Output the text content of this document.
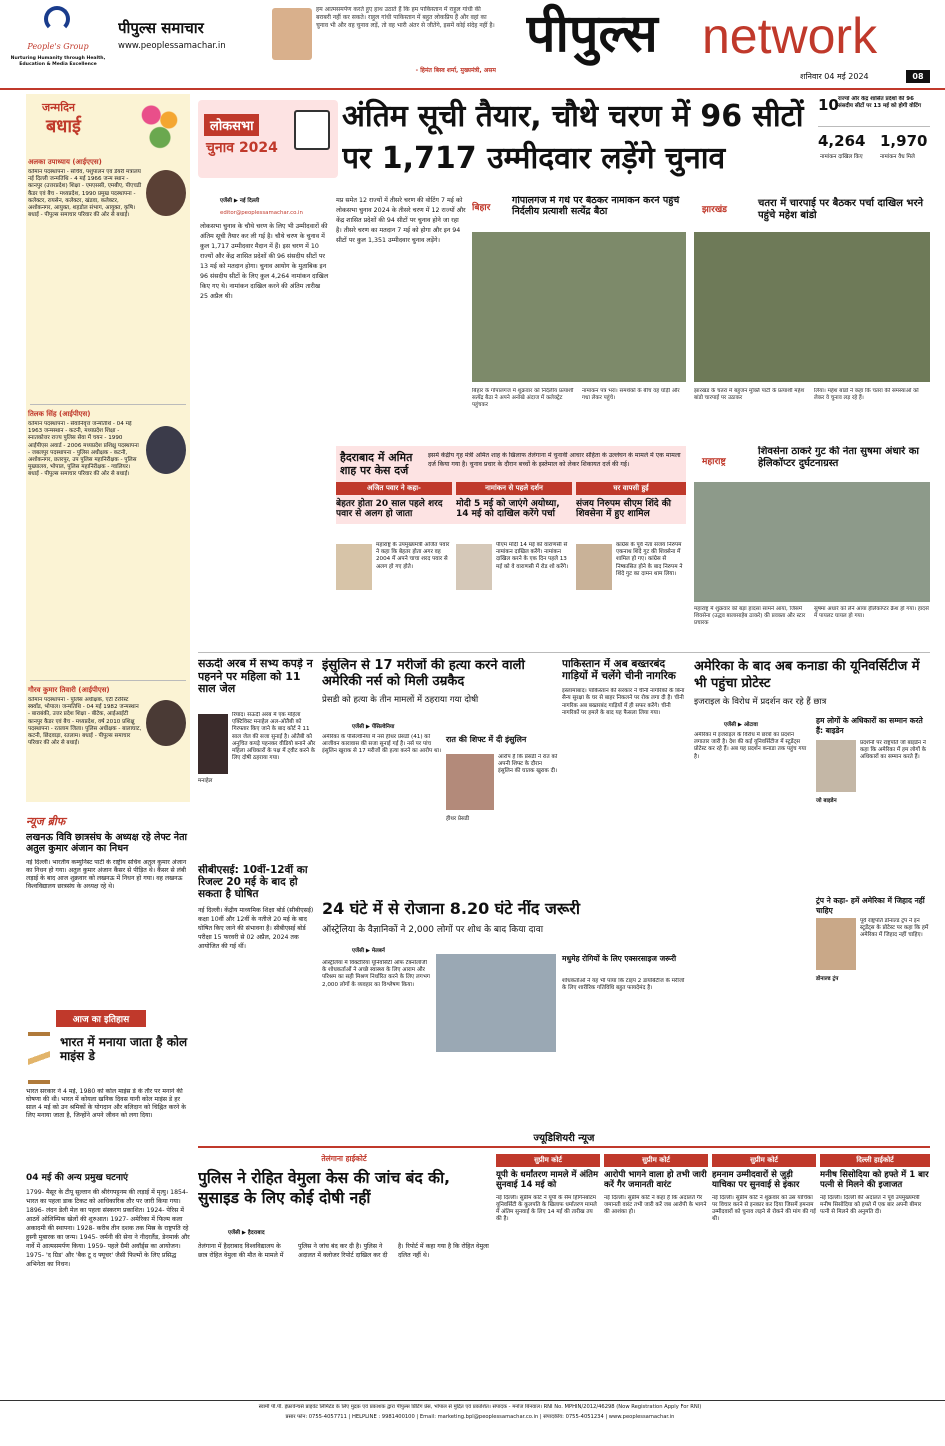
People's Group
Nurturing Humanity through Health, Education & Media Excellence
पीपुल्स समाचार
www.peoplessamachar.in
हम आत्मसमर्पण करते हुए हाथ उठाते हैं कि हम पाकिस्तान में राहुल गांधी की बराबरी नहीं कर सकते। राहुल गांधी पाकिस्तान में बहुत लोकप्रिय हैं और वहां का चुनाव भी और वह चुनाव लड़ें, तो वह भारी अंतर से जीतेंगे, इसमें कोई संदेह नहीं है।
- हिमंत बिस्व शर्मा, मुख्यमंत्री, असम
पीपुल्स network
शनिवार 04 मई 2024	08
जन्मदिन
बधाई
अलका उपाध्याय (आईएएस)
वर्तमान पदस्थापना - सचिव, पशुपालन एवं डेयरी मंत्रालय नई दिल्ली जन्मतिथि - 4 मई 1966 जन्म स्थान - कानपुर (उत्तरप्रदेश) शिक्षा - एमएससी, एमबीए, पीएचडी कैडर एवं बैच - मध्यप्रदेश, 1990 प्रमुख पदस्थापना - कलेक्टर, रायसेन, कलेक्टर, खंडवा, कलेक्टर, अशोकनगर, आयुक्त, शहडोल संभाग, आयुक्त, कृषि। बधाई - पीपुल्स समाचार परिवार की ओर से बधाई।
तिलक सिंह (आईपीएस)
वर्तमान पदस्थापना - सेवानिवृत्त जन्मतिथि - 04 मई 1963 जन्मस्थान - कटनी, मध्यप्रदेश शिक्षा - स्नातकोत्तर राज्य पुलिस सेवा में चयन - 1990 आईपीएस अवार्ड - 2006 मध्यप्रदेश प्रशिक्षु पदस्थापना - जबलपुर पदस्थापना - पुलिस अधीक्षक - कटनी, अशोकनगर, छतरपुर, उप पुलिस महानिरीक्षक - पुलिस मुख्यालय, भोपाल, पुलिस महानिरीक्षक - ग्वालियर। बधाई - पीपुल्स समाचार परिवार की ओर से बधाई।
गौरव कुमार तिवारी (आईपीएस)
वर्तमान पदस्थापना - पुलिस अधीक्षक, एंटी टेररिस्ट स्क्वॉड, भोपाल। जन्मतिथि - 04 मई 1982 जन्मस्थान - बाराबंकी, उत्तर प्रदेश शिक्षा - बीटेक, आईआईटी कानपुर कैडर एवं बैच - मध्यप्रदेश, वर्ष 2010 प्रशिक्षु पदस्थापना - रतलाम जिला। पुलिस अधीक्षक - बालाघाट, कटनी, छिंदवाड़ा, रतलाम। बधाई - पीपुल्स समाचार परिवार की ओर से बधाई।
न्यूज ब्रीफ
लखनऊ विवि छात्रसंघ के अध्यक्ष रहे लेफ्ट नेता अतुल कुमार अंजान का निधन
नई दिल्ली। भारतीय कम्युनिस्ट पार्टी के राष्ट्रीय सचिव अतुल कुमार अंजान का निधन हो गया। अतुल कुमार अंजान कैंसर से पीड़ित थे। कैंसर से लंबी लड़ाई के बाद आज शुक्रवार को लखनऊ में निधन हो गया। वह लखनऊ विश्वविद्यालय छात्रसंघ के अध्यक्ष रहे थे।
आज का इतिहास
भारत में मनाया जाता है कोल माइंस डे
भारत सरकार ने 4 मई, 1980 को कोल माइंस डे के तौर पर मनाने की घोषणा की थी। भारत में कोयला खनिक दिवस यानी कोल माइंस डे हर साल 4 मई को उन श्रमिकों के योगदान और बलिदान को चिह्नित करने के लिए मनाया जाता है, जिन्होंने अपने जीवन को लगा दिया।
04 मई की अन्य प्रमुख घटनाएं
1799- मैसूर के टीपू सुल्तान की श्रीरंगपट्टनम की लड़ाई में मृत्यु। 1854- भारत का पहला डाक टिकट को आधिकारिक तौर पर जारी किया गया। 1896- लंदन डेली मेल का पहला संस्करण प्रकाशित। 1924- पेरिस में आठवें ओलिम्पिक खेलों की शुरुआत। 1927- अमेरिका में फिल्म कला अकादमी की स्थापना। 1928- करीब तीन दशक तक मिस्र के राष्ट्रपति रहे हुस्नी मुबारक का जन्म। 1945- जर्मनी की सेना ने नीदरलैंड, डेनमार्क और नार्वे में आत्मसमर्पण किया। 1959- पहले ग्रैमी अवॉर्ड्स का आयोजन। 1975- 'द ग्रिड' और 'बैक टू द फ्यूचर' जैसी फिल्मों के लिए प्रसिद्ध अभिनेता का निधन।
लोकसभा
चुनाव 2024
अंतिम सूची तैयार, चौथे चरण में 96 सीटों पर 1,717 उम्मीदवार लड़ेंगे चुनाव
10 राज्यों और केंद्र शासित प्रदेशों की 96 संसदीय सीटों पर 13 मई को होगी वोटिंग
4,264
नामांकन दाखिल किए
1,970
नामांकन वैध मिले
एजेंसी ▶ नई दिल्ली
editor@peoplessamachar.co.in
लोकसभा चुनाव के चौथे चरण के लिए भी उम्मीदवारों की अंतिम सूची तैयार कर ली गई है। चौथे चरण के चुनाव में कुल 1,717 उम्मीदवार मैदान में हैं। इस चरण में 10 राज्यों और केंद्र शासित प्रदेशों की 96 संसदीय सीटों पर 13 मई को मतदान होगा। चुनाव आयोग के मुताबिक इन 96 संसदीय सीटों के लिए कुल 4,264 नामांकन दाखिल किए गए थे। नामांकन दाखिल करने की अंतिम तारीख 25 अप्रैल थी।
मप्र समेत 12 राज्यों में तीसरे चरण की वोटिंग 7 मई को लोकसभा चुनाव 2024 के तीसरे चरण में 12 राज्यों और केंद्र शासित प्रदेशों की 94 सीटों पर चुनाव होने जा रहा है। तीसरे चरण का मतदान 7 मई को होगा और इन 94 सीटों पर कुल 1,351 उम्मीदवार चुनाव लड़ेंगे।
बिहार
गोपालगंज में गधे पर बैठकर नामांकन करने पहुंचे निर्दलीय प्रत्याशी सत्येंद्र बैठा
बिहार के गोपालगंज में शुक्रवार को निर्दलीय प्रत्याशी सत्येंद्र बैठा ने अपने अनोखे अंदाज में कलेक्ट्रेट पहुंचकर
नामांकन पत्र भरा। समर्थकों के बीच वह घोड़ी और गधा लेकर पहुंचे।
झारखंड
चतरा में चारपाई पर बैठकर पर्चा दाखिल भरने पहुंचे महेश बांडो
झारखंड के चतरा में बहुजन मुक्ति पार्टी के प्रत्याशी महेश बांडो चारपाई पर उठाकर
लिया। महेश बांडो ने कहा कि चतरा की समस्याओं को लेकर वे चुनाव लड़ रहे हैं।
हैदराबाद में अमित शाह पर केस दर्ज
इसमें केंद्रीय गृह मंत्री अमित शाह के खिलाफ तेलंगाना में चुनावी आचार संहिता के उल्लंघन के मामले में एक मामला दर्ज किया गया है। चुनाव प्रचार के दौरान बच्चों के इस्तेमाल को लेकर शिकायत दर्ज की गई।
अजित पवार ने कहा-
बेहतर होता 20 साल पहले शरद पवार से अलग हो जाता
महाराष्ट्र के उपमुख्यमंत्री अजित पवार ने कहा कि बेहतर होता अगर वह 2004 में अपने चाचा शरद पवार से अलग हो गए होते।
नामांकन से पहले दर्शन
मोदी 5 मई को जाएंगे अयोध्या, 14 मई को दाखिल करेंगे पर्चा
पीएम मोदी 14 मई को वाराणसी से नामांकन दाखिल करेंगे। नामांकन दाखिल करने के एक दिन पहले 13 मई को वे वाराणसी में रोड शो करेंगे।
घर वापसी हुई
संजय निरुपम सीएम शिंदे की शिवसेना में हुए शामिल
कांग्रेस के पूर्व नेता संजय निरुपम एकनाथ शिंदे गुट की शिवसेना में शामिल हो गए। कांग्रेस से निष्कासित होने के बाद निरुपम ने शिंदे गुट का दामन थाम लिया।
महाराष्ट्र
शिवसेना ठाकरे गुट की नेता सुषमा अंधारे का हेलिकॉप्टर दुर्घटनाग्रस्त
महाराष्ट्र में शुक्रवार को बड़ा हादसा सामने आया, जिसमें शिवसेना (उद्धव बालासाहेब ठाकरे) की प्रवक्ता और स्टार प्रचारक
सुषमा अंधारे को लेने आया हेलिकॉप्टर क्रैश हो गया। हादसे में पायलट घायल हो गया।
सऊदी अरब में सभ्य कपड़े न पहनने पर महिला को 11 साल जेल
मनाहेल
रियाद। सऊदी अरब में एक महिला एक्टिविस्ट मनाहेल अल-ओतैबी को गिरफ्तार किए जाने के बाद कोर्ट ने 11 साल जेल की सजा सुनाई है। ओतैबी को अनुचित कपड़े पहनकर वीडियो बनाने और महिला अधिकारों के पक्ष में ट्वीट करने के लिए दोषी ठहराया गया।
सीबीएसई: 10वीं-12वीं का रिजल्ट 20 मई के बाद हो सकता है घोषित
नई दिल्ली। केंद्रीय माध्यमिक शिक्षा बोर्ड (सीबीएसई) कक्षा 10वीं और 12वीं के नतीजे 20 मई के बाद घोषित किए जाने की संभावना है। सीबीएसई बोर्ड परीक्षा 15 फरवरी से 02 अप्रैल, 2024 तक आयोजित की गई थीं।
इंसुलिन से 17 मरीजों की हत्या करने वाली अमेरिकी नर्स को मिली उम्रकैद
प्रेसडी को हत्या के तीन मामलों में ठहराया गया दोषी
एजेंसी ▶ पेंसिल्वेनिया
अमेरिका के पेंसिल्वेनिया में नर्स हीथर प्रेसडी (41) को आजीवन कारावास की सजा सुनाई गई है। नर्स पर पांच इंसुलिन खुराक से 17 मरीजों की हत्या करने का आरोप था।
रात की शिफ्ट में दी इंसुलिन
हीथर प्रेसडी
आरोप है कि प्रेसडी ने रात को अपनी शिफ्ट के दौरान इंसुलिन की घातक खुराक दी।
पाकिस्तान में अब बख्तरबंद गाड़ियों में चलेंगे चीनी नागरिक
इस्लामाबाद। पाकिस्तान की सरकार ने चीनी नागरिकों के बिना सैन्य सुरक्षा के घर से बाहर निकलने पर रोक लगा दी है। चीनी नागरिक अब बख्तरबंद गाड़ियों में ही सफर करेंगे। चीनी नागरिकों पर हमले के बाद यह फैसला लिया गया।
अमेरिका के बाद अब कनाडा की यूनिवर्सिटीज में भी पहुंचा प्रोटेस्ट
इजराइल के विरोध में प्रदर्शन कर रहे हैं छात्र
एजेंसी ▶ ओटावा
अमेरिका में इजराइल के विरोध में छात्रों का प्रदर्शन लगातार जारी है। देश की कई यूनिवर्सिटीज में स्टूडेंट्स प्रोटेस्ट कर रहे हैं। अब यह प्रदर्शन कनाडा तक पहुंच गया है।
हम लोगों के अधिकारों का सम्मान करते हैं: बाइडेन
जो बाइडेन
प्रदर्शनों पर राष्ट्रपति जो बाइडेन ने कहा कि अमेरिका में हम लोगों के अधिकारों का सम्मान करते हैं।
ट्रंप ने कहा- हमें अमेरिका में जिहाद नहीं चाहिए
डोनाल्ड ट्रंप
पूर्व राष्ट्रपति डोनाल्ड ट्रंप ने इन स्टूडेंट्स के प्रोटेस्ट पर कहा कि हमें अमेरिका में जिहाद नहीं चाहिए।
24 घंटे में से रोजाना 8.20 घंटे नींद जरूरी
ऑस्ट्रेलिया के वैज्ञानिकों ने 2,000 लोगों पर शोध के बाद किया दावा
एजेंसी ▶ मेलबर्न
ऑस्ट्रेलिया में विक्टोरिया यूनिवर्सिटी ऑफ टेक्नोलॉजी के शोधकर्ताओं ने अच्छे स्वास्थ्य के लिए आराम और परिश्रम का सही मिश्रण निर्धारित करने के लिए लगभग 2,000 लोगों के व्यवहार का विश्लेषण किया।
मधुमेह रोगियों के लिए एक्सरसाइज जरूरी
शोधकर्ताओं ने यह भी पाया कि टाइप 2 डायबिटीज के मरीजों के लिए शारीरिक गतिविधि बहुत फायदेमंद है।
ज्यूडिशियरी न्यूज
तेलंगाना हाईकोर्ट
पुलिस ने रोहित वेमुला केस की जांच बंद की, सुसाइड के लिए कोई दोषी नहीं
एजेंसी ▶ हैदराबाद
तेलंगाना में हैदराबाद विश्वविद्यालय के छात्र रोहित वेमुला की मौत के मामले में पुलिस ने जांच बंद कर दी है। पुलिस ने अदालत में क्लोजर रिपोर्ट दाखिल कर दी है। रिपोर्ट में कहा गया है कि रोहित वेमुला दलित नहीं थे।
सुप्रीम कोर्ट
यूपी के धर्मांतरण मामले में अंतिम सुनवाई 14 मई को
नई दिल्ली। सुप्रीम कोर्ट ने यूपी के सैम हिगिनबॉटम यूनिवर्सिटी के कुलपति के खिलाफ धर्मांतरण मामले में अंतिम सुनवाई के लिए 14 मई की तारीख तय की है।
सुप्रीम कोर्ट
आरोपी भागने वाला हो तभी जारी करें गैर जमानती वारंट
नई दिल्ली। सुप्रीम कोर्ट ने कहा है कि अदालतें गैर जमानती वारंट तभी जारी करें जब आरोपी के भागने की आशंका हो।
सुप्रीम कोर्ट
हमनाम उम्मीदवारों से जुड़ी याचिका पर सुनवाई से इंकार
नई दिल्ली। सुप्रीम कोर्ट ने शुक्रवार को उस याचिका पर विचार करने से इनकार कर दिया जिसमें हमनाम उम्मीदवारों को चुनाव लड़ने से रोकने की मांग की गई थी।
दिल्ली हाईकोर्ट
मनीष सिसोदिया को हफ्ते में 1 बार पत्नी से मिलने की इजाजत
नई दिल्ली। दिल्ली की अदालत ने पूर्व उपमुख्यमंत्री मनीष सिसोदिया को हफ्ते में एक बार अपनी बीमार पत्नी से मिलने की अनुमति दी।
स्वामी पी.पी. इंफ्रावेन्चर्स प्राइवेट लिमिटेड के लिए मुद्रक एवं प्रकाशक द्वारा पीपुल्स प्रिंटिंग प्रेस, भोपाल से मुद्रित एवं प्रकाशित। संपादक - मनोज बिनवाल। RNI No. MPHIN/2012/46298 (Now Registration Apply For RNI)
प्रसार फोन: 0755-4057711 | HELPLINE : 9981400100 | Email: marketing.bpl@peoplessamachar.co.in | संपादकीय: 0755-4051234 | www.peoplessamachar.in
